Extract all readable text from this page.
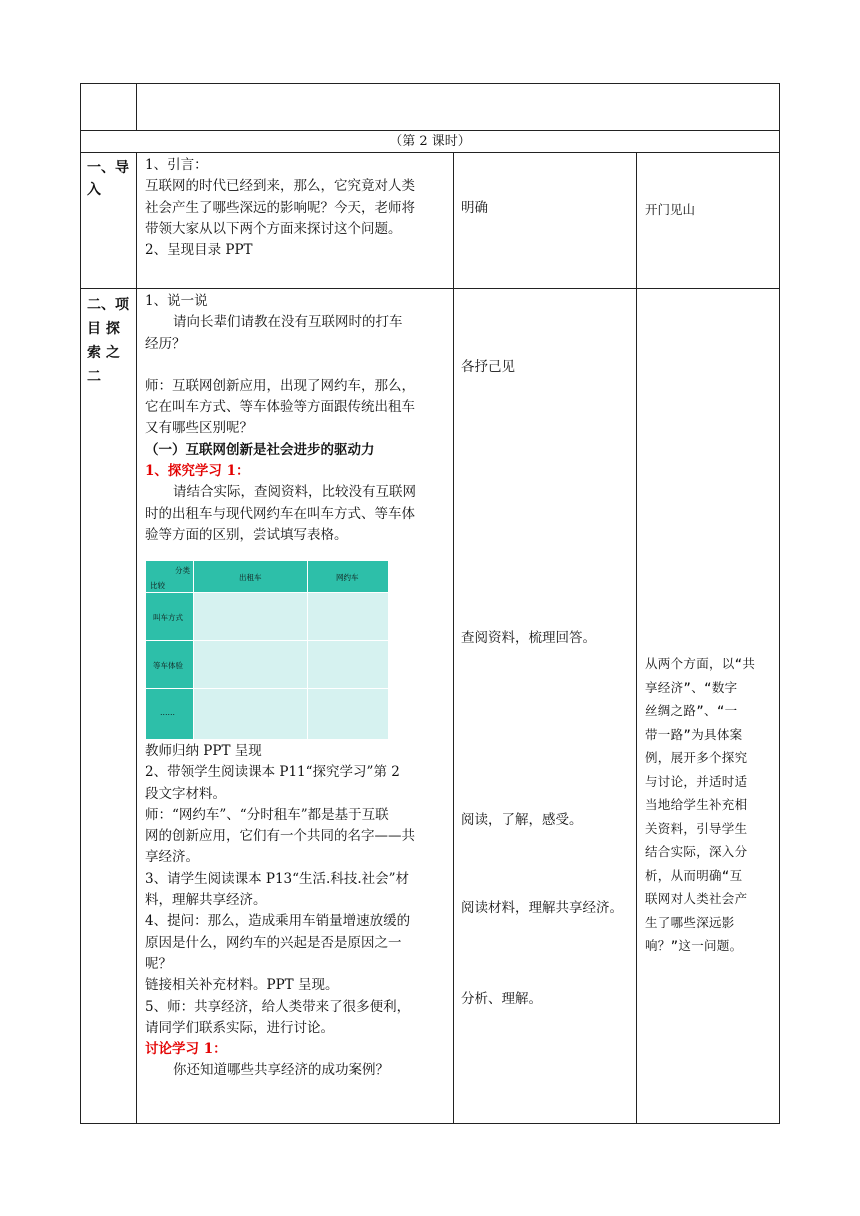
（第 2 课时）

一、导

入

1、引言：

互联网的时代已经到来，那么，它究竟对人类

社会产生了哪些深远的影响呢？今天，老师将

带领大家从以下两个方面来探讨这个问题。

2、呈现目录 PPT

明确	开门见山

二、项

目 探

索 之

二

1、说一说

请向长辈们请教在没有互联网时的打车

经历？

师：互联网创新应用，出现了网约车，那么，

它在叫车方式、等车体验等方面跟传统出租车

又有哪些区别呢？

（一）互联网创新是社会进步的驱动力

1、探究学习 1：

请结合实际，查阅资料，比较没有互联网

时的出租车与现代网约车在叫车方式、等车体

验等方面的区别，尝试填写表格。

分类
比较
出租车	网约车
叫车方式
等车体验
……

教师归纳 PPT 呈现

2、带领学生阅读课本 P11“探究学习”第 2

段文字材料。

师：“网约车”、“分时租车”都是基于互联

网的创新应用，它们有一个共同的名字——共

享经济。

3、请学生阅读课本 P13“生活.科技.社会”材

料，理解共享经济。

4、提问：那么，造成乘用车销量增速放缓的

原因是什么，网约车的兴起是否是原因之一

呢？

链接相关补充材料。PPT 呈现。

5、师：共享经济，给人类带来了很多便利，

请同学们联系实际，进行讨论。

讨论学习 1：

你还知道哪些共享经济的成功案例？

各抒己见
查阅资料，梳理回答。
阅读，了解，感受。
阅读材料，理解共享经济。
分析、理解。

从两个方面，以“共

享经济”、“数字

丝绸之路”、“一

带一路”为具体案

例，展开多个探究

与讨论，并适时适

当地给学生补充相

关资料，引导学生

结合实际，深入分

析，从而明确“互

联网对人类社会产

生了哪些深远影

响？”这一问题。
